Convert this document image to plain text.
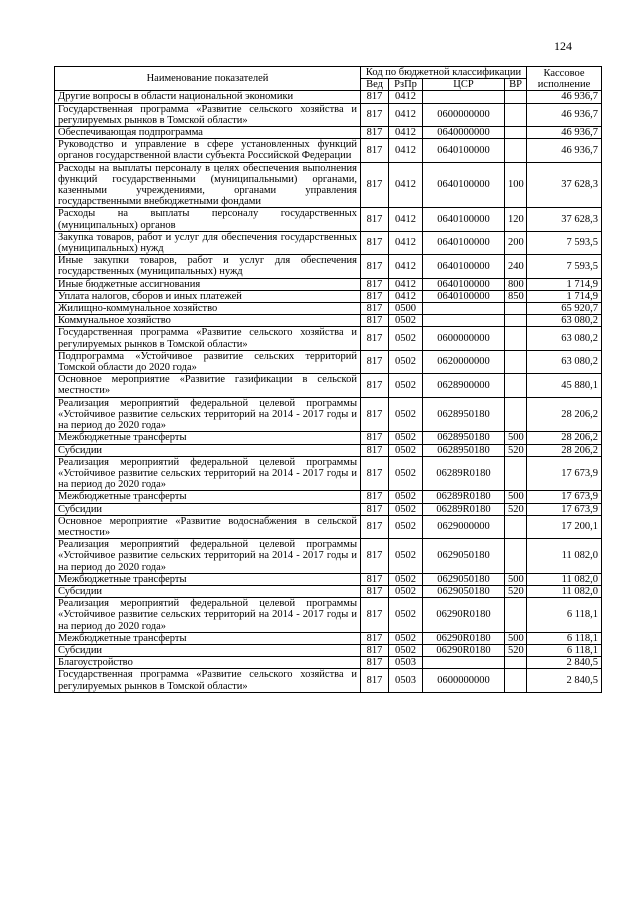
124
Наименование показателей	Код по бюджетной классификации				Кассовое исполнение
	Вед	РзПр	ЦСР	ВР	
Другие вопросы в области национальной экономики	817	0412			46 936,7
Государственная программа «Развитие сельского хозяйства и регулируемых рынков в Томской области»	817	0412	0600000000		46 936,7
Обеспечивающая подпрограмма	817	0412	0640000000		46 936,7
Руководство и управление в сфере установленных функций органов государственной власти субъекта Российской Федерации	817	0412	0640100000		46 936,7
Расходы на выплаты персоналу в целях обеспечения выполнения функций государственными (муниципальными) органами, казенными учреждениями, органами управления государственными внебюджетными фондами	817	0412	0640100000	100	37 628,3
Расходы на выплаты персоналу государственных (муниципальных) органов	817	0412	0640100000	120	37 628,3
Закупка товаров, работ и услуг для обеспечения государственных (муниципальных) нужд	817	0412	0640100000	200	7 593,5
Иные закупки товаров, работ и услуг для обеспечения государственных (муниципальных) нужд	817	0412	0640100000	240	7 593,5
Иные бюджетные ассигнования	817	0412	0640100000	800	1 714,9
Уплата налогов, сборов и иных платежей	817	0412	0640100000	850	1 714,9
Жилищно-коммунальное хозяйство	817	0500			65 920,7
Коммунальное хозяйство	817	0502			63 080,2
Государственная программа «Развитие сельского хозяйства и регулируемых рынков в Томской области»	817	0502	0600000000		63 080,2
Подпрограмма «Устойчивое развитие сельских территорий Томской области до 2020 года»	817	0502	0620000000		63 080,2
Основное мероприятие «Развитие газификации в сельской местности»	817	0502	0628900000		45 880,1
Реализация мероприятий федеральной целевой программы «Устойчивое развитие сельских территорий на 2014 - 2017 годы и на период до 2020 года»	817	0502	0628950180		28 206,2
Межбюджетные трансферты	817	0502	0628950180	500	28 206,2
Субсидии	817	0502	0628950180	520	28 206,2
Реализация мероприятий федеральной целевой программы «Устойчивое развитие сельских территорий на 2014 - 2017 годы и на период до 2020 года»	817	0502	06289R0180		17 673,9
Межбюджетные трансферты	817	0502	06289R0180	500	17 673,9
Субсидии	817	0502	06289R0180	520	17 673,9
Основное мероприятие «Развитие водоснабжения в сельской местности»	817	0502	0629000000		17 200,1
Реализация мероприятий федеральной целевой программы «Устойчивое развитие сельских территорий на 2014 - 2017 годы и на период до 2020 года»	817	0502	0629050180		11 082,0
Межбюджетные трансферты	817	0502	0629050180	500	11 082,0
Субсидии	817	0502	0629050180	520	11 082,0
Реализация мероприятий федеральной целевой программы «Устойчивое развитие сельских территорий на 2014 - 2017 годы и на период до 2020 года»	817	0502	06290R0180		6 118,1
Межбюджетные трансферты	817	0502	06290R0180	500	6 118,1
Субсидии	817	0502	06290R0180	520	6 118,1
Благоустройство	817	0503			2 840,5
Государственная программа «Развитие сельского хозяйства и регулируемых рынков в Томской области»	817	0503	0600000000		2 840,5
